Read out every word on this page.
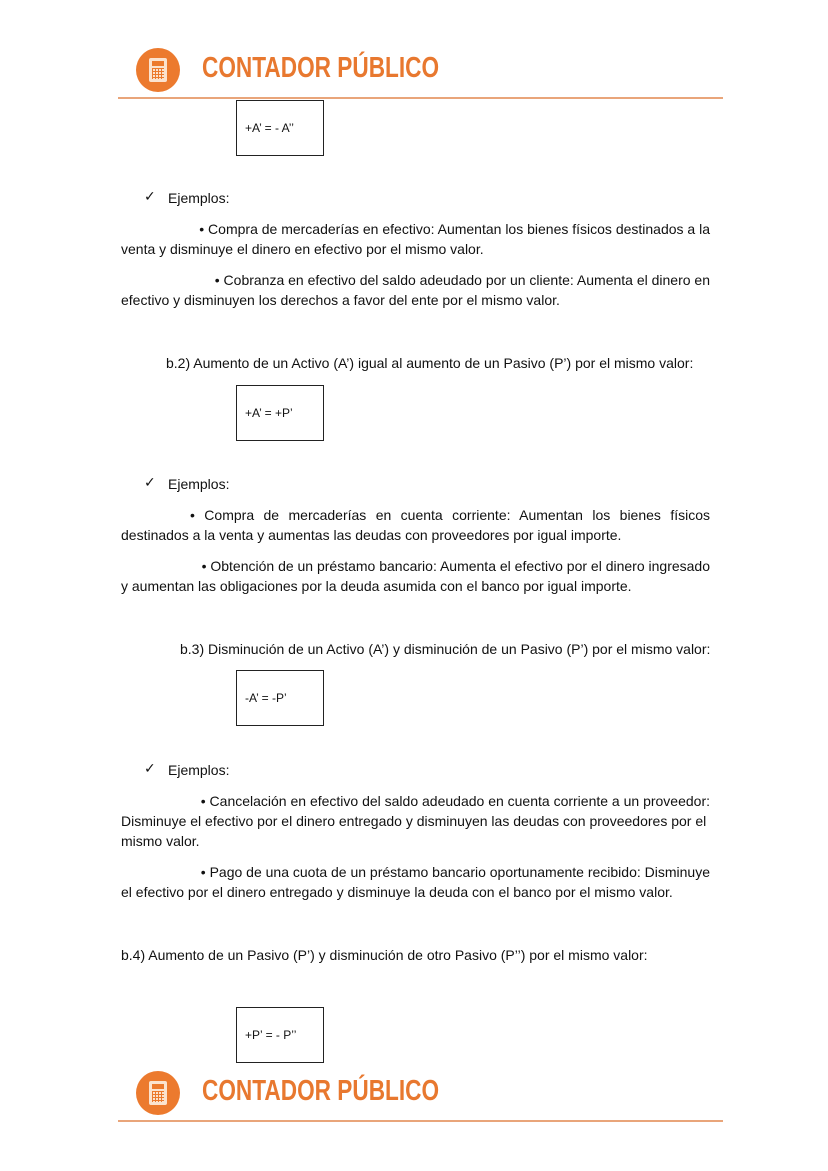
CONTADOR PÚBLICO
+A’ = - A’’
✓ Ejemplos:
• Compra de mercaderías en efectivo: Aumentan los bienes físicos destinados a la
venta y disminuye el dinero en efectivo por el mismo valor.
• Cobranza en efectivo del saldo adeudado por un cliente: Aumenta el dinero en
efectivo y disminuyen los derechos a favor del ente por el mismo valor.
b.2) Aumento de un Activo (A’) igual al aumento de un Pasivo (P’) por el mismo valor:
+A’ = +P’
✓ Ejemplos:
• Compra de mercaderías en cuenta corriente: Aumentan los bienes físicos
destinados a la venta y aumentas las deudas con proveedores por igual importe.
• Obtención de un préstamo bancario: Aumenta el efectivo por el dinero ingresado
y aumentan las obligaciones por la deuda asumida con el banco por igual importe.
b.3) Disminución de un Activo (A’) y disminución de un Pasivo (P’) por el mismo valor:
-A’ = -P’
✓ Ejemplos:
• Cancelación en efectivo del saldo adeudado en cuenta corriente a un proveedor:
Disminuye el efectivo por el dinero entregado y disminuyen las deudas con proveedores por el
mismo valor.
• Pago de una cuota de un préstamo bancario oportunamente recibido: Disminuye
el efectivo por el dinero entregado y disminuye la deuda con el banco por el mismo valor.
b.4) Aumento de un Pasivo (P’) y disminución de otro Pasivo (P’’) por el mismo valor:
+P’ = - P’’
CONTADOR PÚBLICO
